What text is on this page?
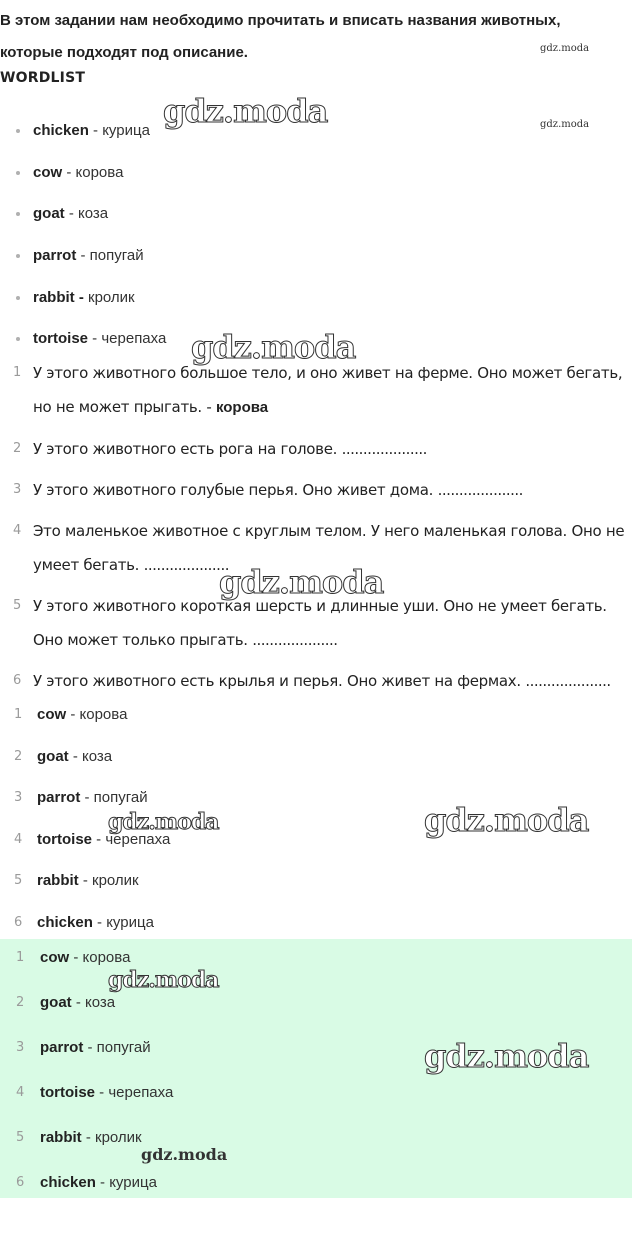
В этом задании нам необходимо прочитать и вписать названия животных, которые подходят под описание.
WORDLIST
chicken - курица
cow - корова
goat - коза
parrot - попугай
rabbit - кролик
tortoise - черепаха
1 У этого животного большое тело, и оно живет на ферме. Оно может бегать, но не может прыгать. - корова
2 У этого животного есть рога на голове. ....................
3 У этого животного голубые перья. Оно живет дома. ....................
4 Это маленькое животное с круглым телом. У него маленькая голова. Оно не умеет бегать. ....................
5 У этого животного короткая шерсть и длинные уши. Оно не умеет бегать. Оно может только прыгать. ....................
6 У этого животного есть крылья и перья. Оно живет на фермах. ....................
1 cow - корова
2 goat - коза
3 parrot - попугай
4 tortoise - черепаха
5 rabbit - кролик
6 chicken - курица
1 cow - корова
2 goat - коза
3 parrot - попугай
4 tortoise - черепаха
5 rabbit - кролик
6 chicken - курица
gdz.moda
gdz.moda
gdz.moda
gdz.moda
gdz.moda
gdz.moda	gdz.moda
gdz.moda
gdz.moda
gdz.moda
